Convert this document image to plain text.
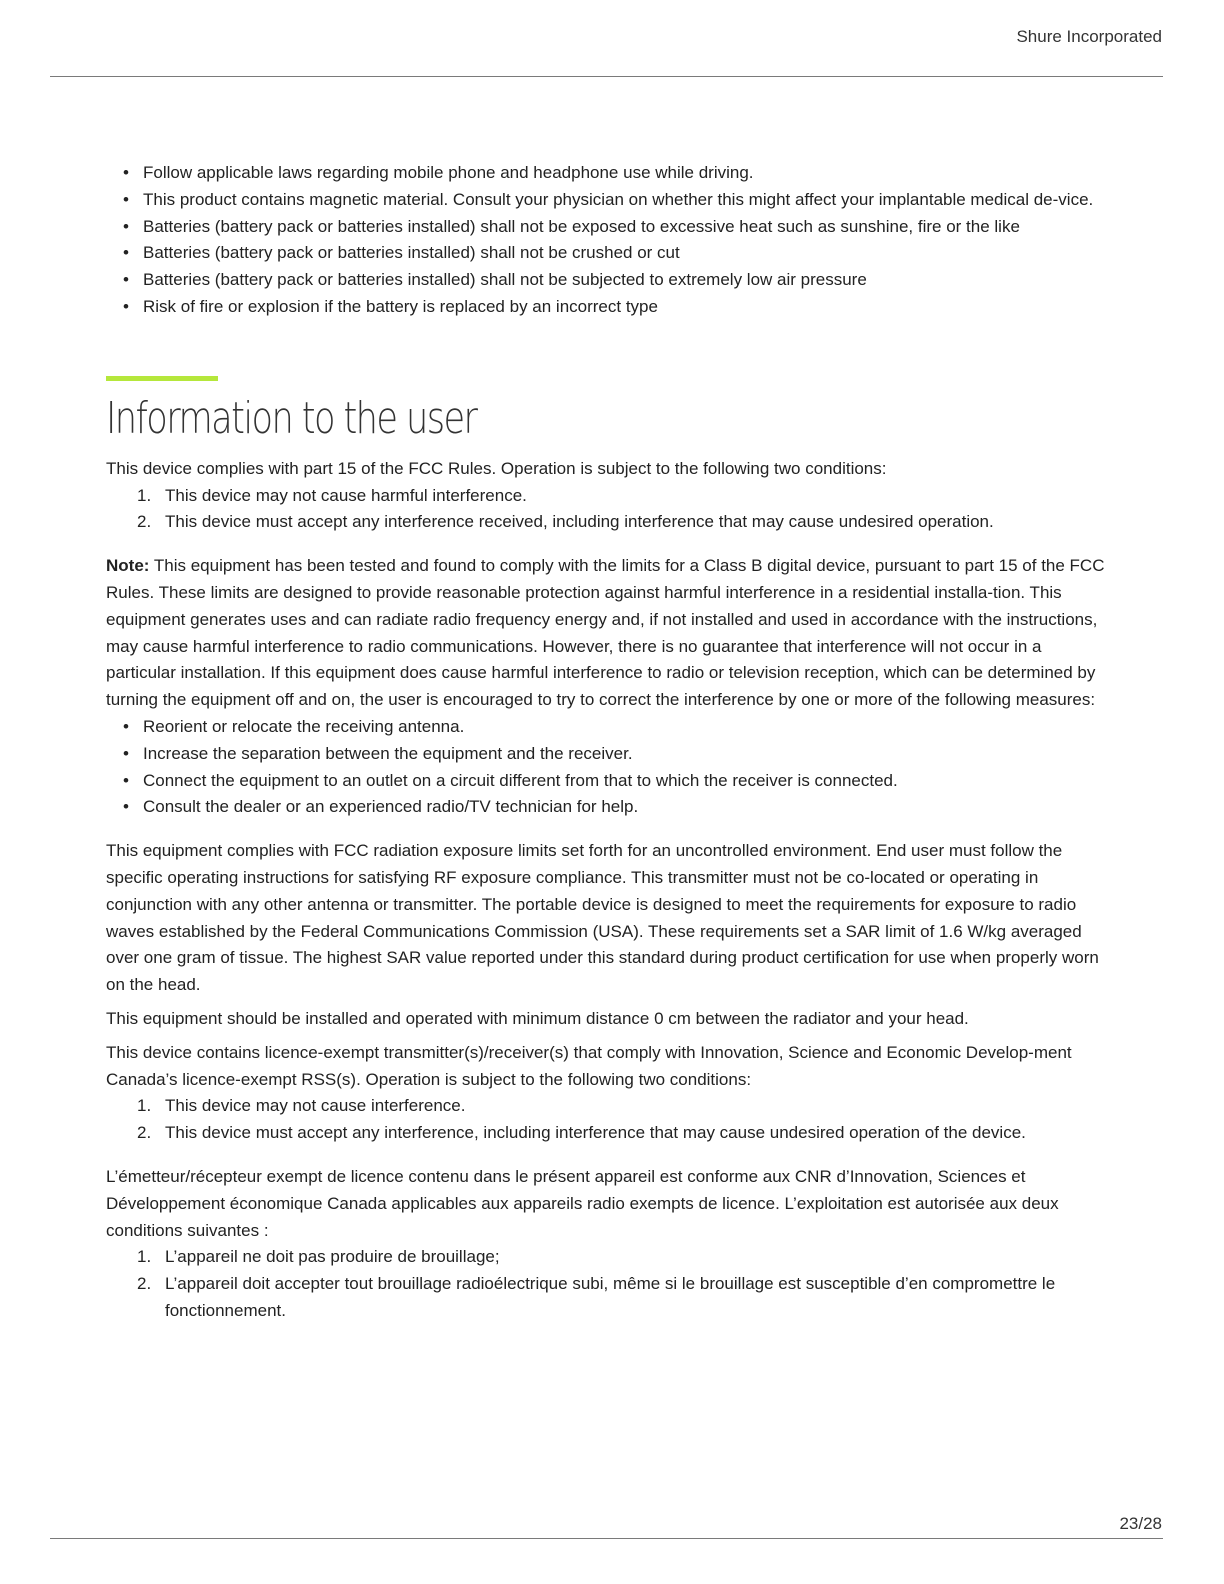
Shure Incorporated
• Follow applicable laws regarding mobile phone and headphone use while driving.
• This product contains magnetic material. Consult your physician on whether this might affect your implantable medical de-vice.
• Batteries (battery pack or batteries installed) shall not be exposed to excessive heat such as sunshine, fire or the like
• Batteries (battery pack or batteries installed) shall not be crushed or cut
• Batteries (battery pack or batteries installed) shall not be subjected to extremely low air pressure
• Risk of fire or explosion if the battery is replaced by an incorrect type
Information to the user

This device complies with part 15 of the FCC Rules. Operation is subject to the following two conditions:

1. This device may not cause harmful interference.
2. This device must accept any interference received, including interference that may cause undesired operation.

Note: This equipment has been tested and found to comply with the limits for a Class B digital device, pursuant to part 15 of the FCC Rules. These limits are designed to provide reasonable protection against harmful interference in a residential installa-tion. This equipment generates uses and can radiate radio frequency energy and, if not installed and used in accordance with the instructions, may cause harmful interference to radio communications. However, there is no guarantee that interference will not occur in a particular installation. If this equipment does cause harmful interference to radio or television reception, which can be determined by turning the equipment off and on, the user is encouraged to try to correct the interference by one or more of the following measures:

• Reorient or relocate the receiving antenna.
• Increase the separation between the equipment and the receiver.
• Connect the equipment to an outlet on a circuit different from that to which the receiver is connected.
• Consult the dealer or an experienced radio/TV technician for help.

This equipment complies with FCC radiation exposure limits set forth for an uncontrolled environment. End user must follow the specific operating instructions for satisfying RF exposure compliance. This transmitter must not be co-located or operating in conjunction with any other antenna or transmitter. The portable device is designed to meet the requirements for exposure to radio waves established by the Federal Communications Commission (USA). These requirements set a SAR limit of 1.6 W/kg averaged over one gram of tissue. The highest SAR value reported under this standard during product certification for use when properly worn on the head.

This equipment should be installed and operated with minimum distance 0 cm between the radiator and your head.

This device contains licence-exempt transmitter(s)/receiver(s) that comply with Innovation, Science and Economic Develop-ment Canada’s licence-exempt RSS(s). Operation is subject to the following two conditions:

1. This device may not cause interference.
2. This device must accept any interference, including interference that may cause undesired operation of the device.

L’émetteur/récepteur exempt de licence contenu dans le présent appareil est conforme aux CNR d’Innovation, Sciences et Développement économique Canada applicables aux appareils radio exempts de licence. L’exploitation est autorisée aux deux conditions suivantes :

1. L’appareil ne doit pas produire de brouillage;
2. L’appareil doit accepter tout brouillage radioélectrique subi, même si le brouillage est susceptible d’en compromettre le fonctionnement.
23/28
